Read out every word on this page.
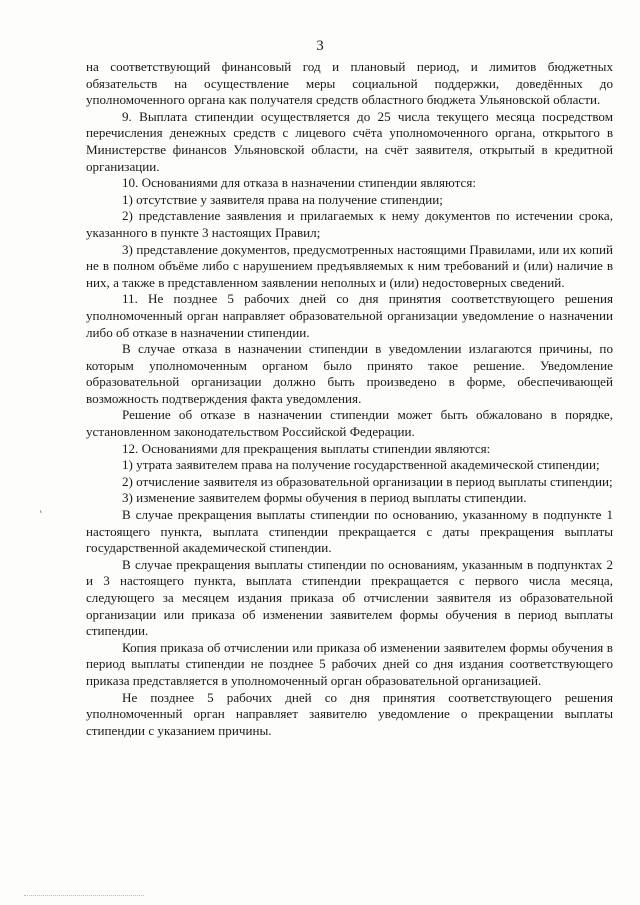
3
‘

на соответствующий финансовый год и плановый период, и лимитов бюджетных обязательств на осуществление меры социальной поддержки, доведённых до уполномоченного органа как получателя средств областного бюджета Ульяновской области.

9. Выплата стипендии осуществляется до 25 числа текущего месяца посредством перечисления денежных средств с лицевого счёта уполномоченного органа, открытого в Министерстве финансов Ульяновской области, на счёт заявителя, открытый в кредитной организации.

10. Основаниями для отказа в назначении стипендии являются:

1) отсутствие у заявителя права на получение стипендии;

2) представление заявления и прилагаемых к нему документов по истечении срока, указанного в пункте 3 настоящих Правил;

3) представление документов, предусмотренных настоящими Правилами, или их копий не в полном объёме либо с нарушением предъявляемых к ним требований и (или) наличие в них, а также в представленном заявлении неполных и (или) недостоверных сведений.

11. Не позднее 5 рабочих дней со дня принятия соответствующего решения уполномоченный орган направляет образовательной организации уведомление о назначении либо об отказе в назначении стипендии.

В случае отказа в назначении стипендии в уведомлении излагаются причины, по которым уполномоченным органом было принято такое решение. Уведомление образовательной организации должно быть произведено в форме, обеспечивающей возможность подтверждения факта уведомления.

Решение об отказе в назначении стипендии может быть обжаловано в порядке, установленном законодательством Российской Федерации.

12. Основаниями для прекращения выплаты стипендии являются:

1) утрата заявителем права на получение государственной академической стипендии;

2) отчисление заявителя из образовательной организации в период выплаты стипендии;

3) изменение заявителем формы обучения в период выплаты стипендии.

В случае прекращения выплаты стипендии по основанию, указанному в подпункте 1 настоящего пункта, выплата стипендии прекращается с даты прекращения выплаты государственной академической стипендии.

В случае прекращения выплаты стипендии по основаниям, указанным в подпунктах 2 и 3 настоящего пункта, выплата стипендии прекращается с первого числа месяца, следующего за месяцем издания приказа об отчислении заявителя из образовательной организации или приказа об изменении заявителем формы обучения в период выплаты стипендии.

Копия приказа об отчислении или приказа об изменении заявителем формы обучения в период выплаты стипендии не позднее 5 рабочих дней со дня издания соответствующего приказа представляется в уполномоченный орган образовательной организацией.

Не позднее 5 рабочих дней со дня принятия соответствующего решения уполномоченный орган направляет заявителю уведомление о прекращении выплаты стипендии с указанием причины.
